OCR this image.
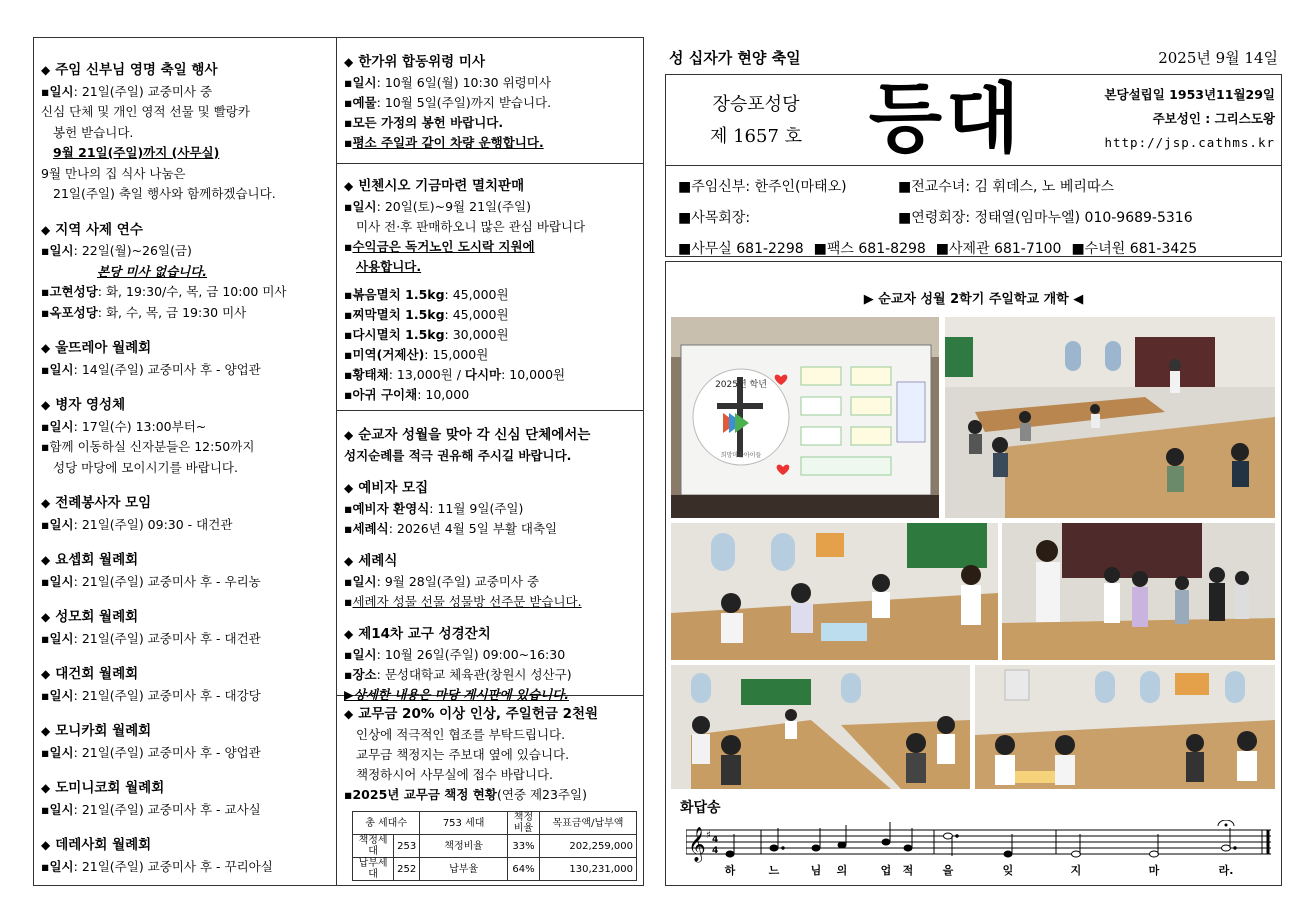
◆ 주임 신부님 영명 축일 행사
▪일시: 21일(주일) 교중미사 중
신심 단체 및 개인 영적 선물 및 빨랑카
봉헌 받습니다.
9월 21일(주일)까지 (사무실)
9월 만나의 집 식사 나눔은
21일(주일) 축일 행사와 함께하겠습니다.
◆ 지역 사제 연수
▪일시: 22일(월)~26일(금)
본당 미사 없습니다.
▪고현성당: 화, 19:30/수, 목, 금 10:00 미사
▪옥포성당: 화, 수, 목, 금 19:30 미사
◆ 울뜨레아 월례회
▪일시: 14일(주일) 교중미사 후 - 양업관
◆ 병자 영성체
▪일시: 17일(수) 13:00부터~
▪함께 이동하실 신자분들은 12:50까지
성당 마당에 모이시기를 바랍니다.
◆ 전례봉사자 모임
▪일시: 21일(주일) 09:30 - 대건관
◆ 요셉회 월례회
▪일시: 21일(주일) 교중미사 후 - 우리농
◆ 성모회 월례회
▪일시: 21일(주일) 교중미사 후 - 대건관
◆ 대건회 월례회
▪일시: 21일(주일) 교중미사 후 - 대강당
◆ 모니카회 월례회
▪일시: 21일(주일) 교중미사 후 - 양업관
◆ 도미니코회 월례회
▪일시: 21일(주일) 교중미사 후 - 교사실
◆ 데레사회 월례회
▪일시: 21일(주일) 교중미사 후 - 꾸리아실
◆ 한가위 합동위령 미사
▪일시: 10월 6일(월) 10:30 위령미사
▪예물: 10월 5일(주일)까지 받습니다.
▪모든 가정의 봉헌 바랍니다.
▪평소 주일과 같이 차량 운행합니다.
◆ 빈첸시오 기금마련 멸치판매
▪일시: 20일(토)~9월 21일(주일)
미사 전·후 판매하오니 많은 관심 바랍니다
▪수익금은 독거노인 도시락 지원에
사용합니다.
▪볶음멸치 1.5kg: 45,000원
▪찌막멸치 1.5kg: 45,000원
▪다시멸치 1.5kg: 30,000원
▪미역(거제산): 15,000원
▪황태채: 13,000원 / 다시마: 10,000원
▪아귀 구이채: 10,000
◆ 순교자 성월을 맞아 각 신심 단체에서는
성지순례를 적극 권유해 주시길 바랍니다.
◆ 예비자 모집
▪예비자 환영식: 11월 9일(주일)
▪세례식: 2026년 4월 5일 부활 대축일
◆ 세례식
▪일시: 9월 28일(주일) 교중미사 중
▪세례자 성물 선물 성물방 선주문 받습니다.
◆ 제14차 교구 성경잔치
▪일시: 10월 26일(주일) 09:00~16:30
▪장소: 문성대학교 체육관(창원시 성산구)
▶상세한 내용은 마당 게시판에 있습니다.
◆ 교무금 20% 이상 인상, 주일헌금 2천원
인상에 적극적인 협조를 부탁드립니다.
교무금 책정지는 주보대 옆에 있습니다.
책정하시어 사무실에 접수 바랍니다.
▪2025년 교무금 책정 현황(연중 제23주일)
총 세대수		753 세대	책정 비율	목표금액/납부액
책정세대	253	책정비율	33%	202,259,000
납부세대	252	납부율	64%	130,231,000
성 십자가 현양 축일	2025년 9월 14일
장승포성당
제 1657 호 등대	본당설립일 1953년11월29일
주보성인 : 그리스도왕
http://jsp.cathms.kr
■주임신부: 한주인(마태오)	■전교수녀: 김 휘데스, 노 베리따스
■사목회장:	■연령회장: 정태열(임마누엘) 010-9689-5316
■사무실 681-2298 ■팩스 681-8298 ■사제관 681-7100 ■수녀원 681-3425
▶ 순교자 성월 2학기 주일학교 개학 ◀
2025년 학년
희망마을아이들
화답송
𝄞 ♯ 4
4
하	느	님 의	업 적	을	잊	지	마	라.
